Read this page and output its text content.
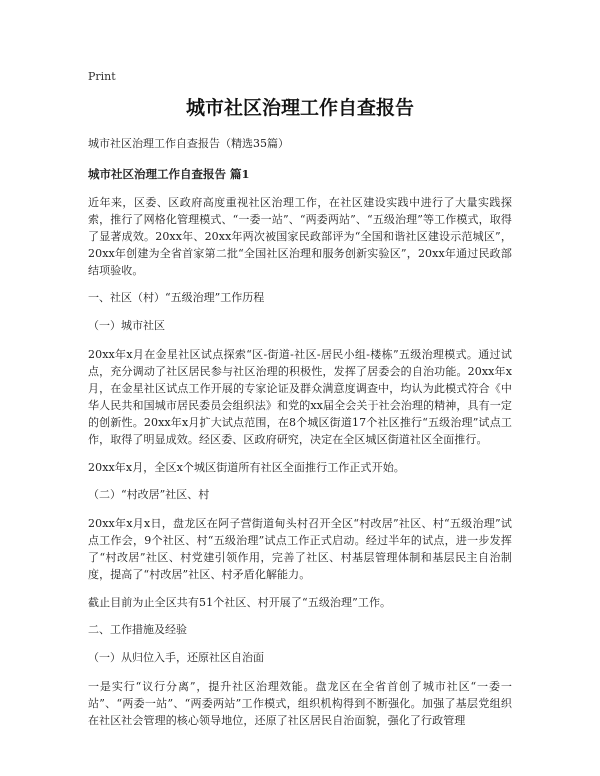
Print
城市社区治理工作自查报告
城市社区治理工作自查报告（精选35篇）
城市社区治理工作自查报告 篇1
近年来，区委、区政府高度重视社区治理工作，在社区建设实践中进行了大量实践探索，推行了网格化管理模式、“一委一站”、“两委两站”、“五级治理”等工作模式，取得了显著成效。20xx年、20xx年两次被国家民政部评为“全国和谐社区建设示范城区”，20xx年创建为全省首家第二批“全国社区治理和服务创新实验区”，20xx年通过民政部结项验收。
一、社区（村）“五级治理”工作历程
（一）城市社区
20xx年x月在金星社区试点探索“区-街道-社区-居民小组-楼栋”五级治理模式。通过试点，充分调动了社区居民参与社区治理的积极性，发挥了居委会的自治功能。20xx年x月，在金星社区试点工作开展的专家论证及群众满意度调查中，均认为此模式符合《中华人民共和国城市居民委员会组织法》和党的xx届全会关于社会治理的精神，具有一定的创新性。20xx年x月扩大试点范围，在8个城区街道17个社区推行“五级治理”试点工作，取得了明显成效。经区委、区政府研究，决定在全区城区街道社区全面推行。
20xx年x月，全区x个城区街道所有社区全面推行工作正式开始。
（二）“村改居”社区、村
20xx年x月x日，盘龙区在阿子营街道甸头村召开全区“村改居”社区、村“五级治理”试点工作会，9个社区、村“五级治理”试点工作正式启动。经过半年的试点，进一步发挥了“村改居”社区、村党建引领作用，完善了社区、村基层管理体制和基层民主自治制度，提高了“村改居”社区、村矛盾化解能力。
截止目前为止全区共有51个社区、村开展了“五级治理”工作。
二、工作措施及经验
（一）从归位入手，还原社区自治面
一是实行“议行分离”，提升社区治理效能。盘龙区在全省首创了城市社区“一委一站”、“两委一站”、“两委两站”工作模式，组织机构得到不断强化。加强了基层党组织在社区社会管理的核心领导地位，还原了社区居民自治面貌，强化了行政管理
